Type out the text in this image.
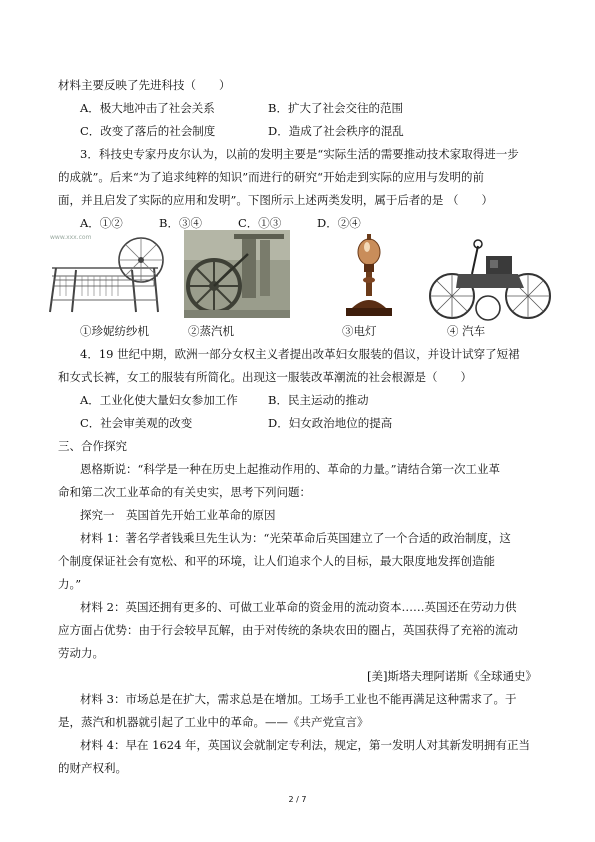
材料主要反映了先进科技（　　）
A．极大地冲击了社会关系	B．扩大了社会交往的范围
C．改变了落后的社会制度	D．造成了社会秩序的混乱
3．科技史专家丹皮尔认为，以前的发明主要是“实际生活的需要推动技术家取得进一步
的成就”。后来“为了追求纯粹的知识”而进行的研究“开始走到实际的应用与发明的前
面，并且启发了实际的应用和发明”。下图所示上述两类发明，属于后者的是 （　　）
A．①②	B．③④	C．①③	D．②④
www.xxx.com
①珍妮纺纱机	②蒸汽机	③电灯	④ 汽车
4．19 世纪中期，欧洲一部分女权主义者提出改革妇女服装的倡议，并设计试穿了短裙
和女式长裤，女工的服装有所简化。出现这一服装改革潮流的社会根源是（　　）
A．工业化使大量妇女参加工作	B．民主运动的推动
C．社会审美观的改变	D．妇女政治地位的提高
三、合作探究
恩格斯说：“科学是一种在历史上起推动作用的、革命的力量。”请结合第一次工业革
命和第二次工业革命的有关史实，思考下列问题：
探究一　英国首先开始工业革命的原因
材料 1：著名学者钱乘旦先生认为：“光荣革命后英国建立了一个合适的政治制度，这
个制度保证社会有宽松、和平的环境，让人们追求个人的目标，最大限度地发挥创造能
力。”
材料 2：英国还拥有更多的、可做工业革命的资金用的流动资本……英国还在劳动力供
应方面占优势：由于行会较早瓦解，由于对传统的条块农田的圈占，英国获得了充裕的流动
劳动力。
[美]斯塔夫理阿诺斯《全球通史》
材料 3：市场总是在扩大，需求总是在增加。工场手工业也不能再满足这种需求了。于
是，蒸汽和机器就引起了工业中的革命。——《共产党宣言》
材料 4：早在 1624 年，英国议会就制定专利法，规定，第一发明人对其新发明拥有正当
的财产权利。
2 / 7
